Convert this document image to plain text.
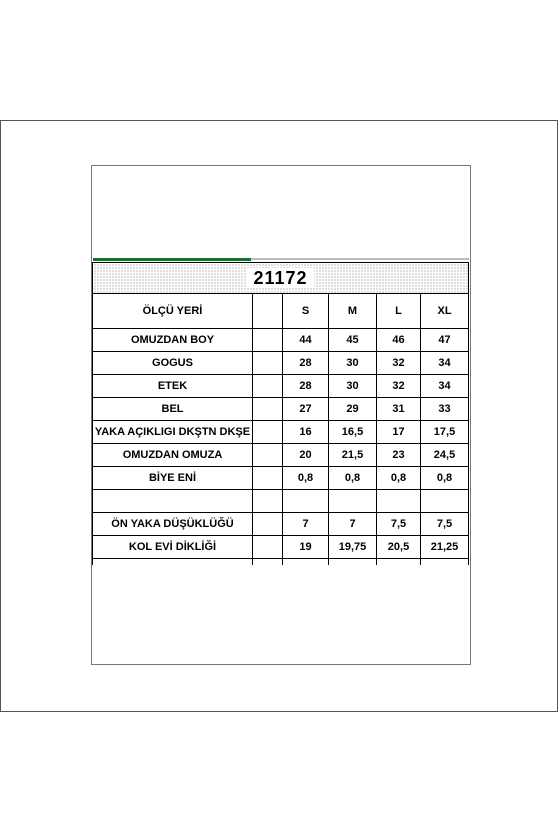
21172					
ÖLÇÜ YERİ		S	M	L	XL
OMUZDAN BOY		44	45	46	47
GOGUS		28	30	32	34
ETEK		28	30	32	34
BEL		27	29	31	33
YAKA AÇIKLIGI DKŞTN DKŞE		16	16,5	17	17,5
OMUZDAN OMUZA		20	21,5	23	24,5
BİYE ENİ		0,8	0,8	0,8	0,8

ÖN YAKA DÜŞÜKLÜĞÜ		7	7	7,5	7,5
KOL EVİ DİKLİĞİ		19	19,75	20,5	21,25
